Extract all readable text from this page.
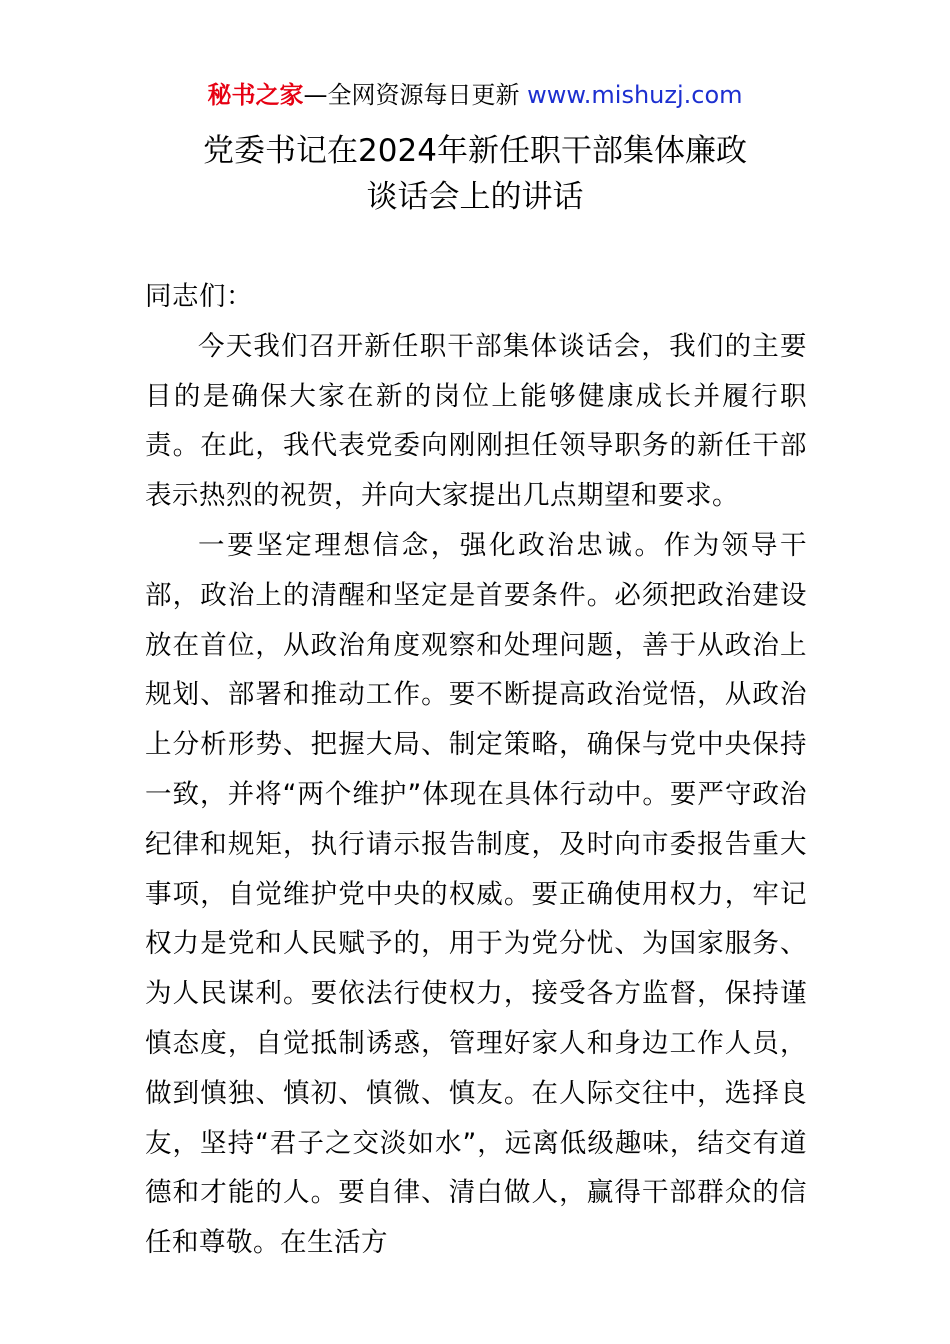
秘书之家—全网资源每日更新 www.mishuzj.com
党委书记在2024年新任职干部集体廉政
谈话会上的讲话

同志们：

今天我们召开新任职干部集体谈话会，我们的主要目的是确保大家在新的岗位上能够健康成长并履行职责。在此，我代表党委向刚刚担任领导职务的新任干部表示热烈的祝贺，并向大家提出几点期望和要求。

一要坚定理想信念，强化政治忠诚。作为领导干部，政治上的清醒和坚定是首要条件。必须把政治建设放在首位，从政治角度观察和处理问题，善于从政治上规划、部署和推动工作。要不断提高政治觉悟，从政治上分析形势、把握大局、制定策略，确保与党中央保持一致，并将“两个维护”体现在具体行动中。要严守政治纪律和规矩，执行请示报告制度，及时向市委报告重大事项，自觉维护党中央的权威。要正确使用权力，牢记权力是党和人民赋予的，用于为党分忧、为国家服务、为人民谋利。要依法行使权力，接受各方监督，保持谨慎态度，自觉抵制诱惑，管理好家人和身边工作人员，做到慎独、慎初、慎微、慎友。在人际交往中，选择良友，坚持“君子之交淡如水”，远离低级趣味，结交有道德和才能的人。要自律、清白做人，赢得干部群众的信任和尊敬。在生活方
